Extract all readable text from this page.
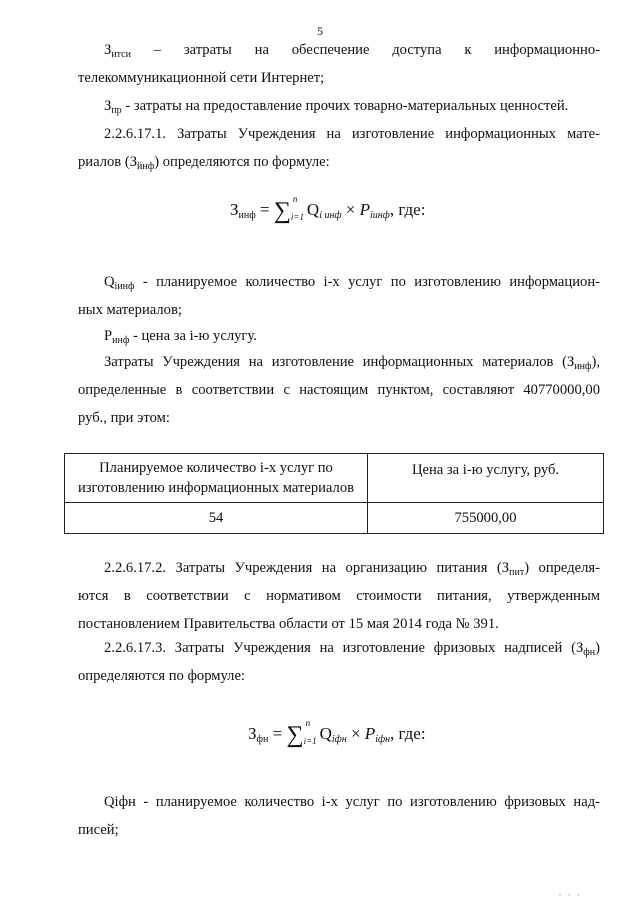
5
$З_{итси}$ – затраты на обеспечение доступа к информационно-
телекоммуникационной сети Интернет;
$З_{пр}$ - затраты на предоставление прочих товарно-материальных ценностей.
2.2.6.17.1. Затраты Учреждения на изготовление информационных мате-
риалов $(З_{йнф})$ определяются по формуле:
$З_{инф}$ = ∑ n
i=1 $Q_{i инф} \times P_{iинф}$, где:
$Q_{iинф}$ - планируемое количество i-х услуг по изготовлению информацион-
ных материалов;
$P_{инф}$ - цена за i-ю услугу.
Затраты Учреждения на изготовление информационных материалов $(З_{инф})$,
определенные в соответствии с настоящим пунктом, составляют 40770000,00
руб., при этом:
Планируемое количество i-х услуг по изготовлению информационных материалов	Цена за i-ю услугу, руб.
54	755000,00
2.2.6.17.2. Затраты Учреждения на организацию питания $(З_{пит})$ определя-
ются в соответствии с нормативом стоимости питания, утвержденным
постановлением Правительства области от 15 мая 2014 года № 391.
2.2.6.17.3. Затраты Учреждения на изготовление фризовых надписей $(З_{фн})$
определяются по формуле:
$З_{фн}$ = ∑ n
i=1 $Q_{iфн} \times P_{iфн}$, где:
Qiфн - планируемое количество i-х услуг по изготовлению фризовых над-
писей;
· · ·
